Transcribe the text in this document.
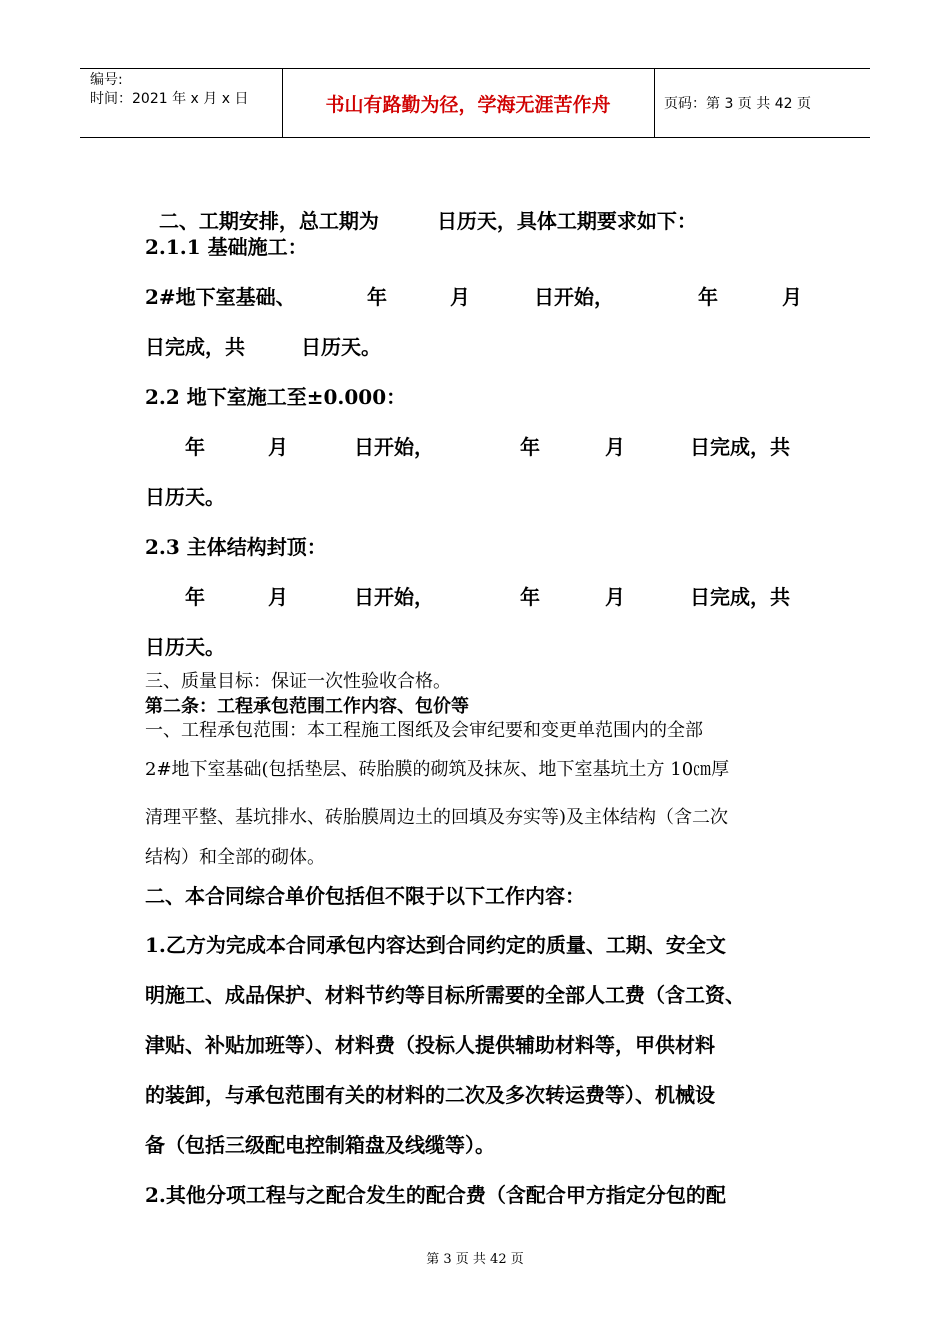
编号:
时间：2021 年 x 月 x 日	书山有路勤为径，学海无涯苦作舟	页码：第 3 页 共 42 页

二、工期安排，总工期为	日历天，具体工期要求如下：

2.1.1 基础施工：
2#地下室基础、	年	月	日开始，	年	月
日完成，共	日历天。
2.2 地下室施工至±0.000：
年	月	日开始，	年	月	日完成，共
日历天。
2.3 主体结构封顶：
年	月	日开始，	年	月	日完成，共
日历天。
三、质量目标：保证一次性验收合格。
第二条：工程承包范围工作内容、包价等
一、工程承包范围：本工程施工图纸及会审纪要和变更单范围内的全部
2#地下室基础(包括垫层、砖胎膜的砌筑及抹灰、地下室基坑土方 10㎝厚
清理平整、基坑排水、砖胎膜周边土的回填及夯实等)及主体结构（含二次
结构）和全部的砌体。
二、本合同综合单价包括但不限于以下工作内容：
1.乙方为完成本合同承包内容达到合同约定的质量、工期、安全文
明施工、成品保护、材料节约等目标所需要的全部人工费（含工资、
津贴、补贴加班等）、材料费（投标人提供辅助材料等，甲供材料
的装卸，与承包范围有关的材料的二次及多次转运费等）、机械设
备（包括三级配电控制箱盘及线缆等）。
2.其他分项工程与之配合发生的配合费（含配合甲方指定分包的配
第 3 页 共 42 页
